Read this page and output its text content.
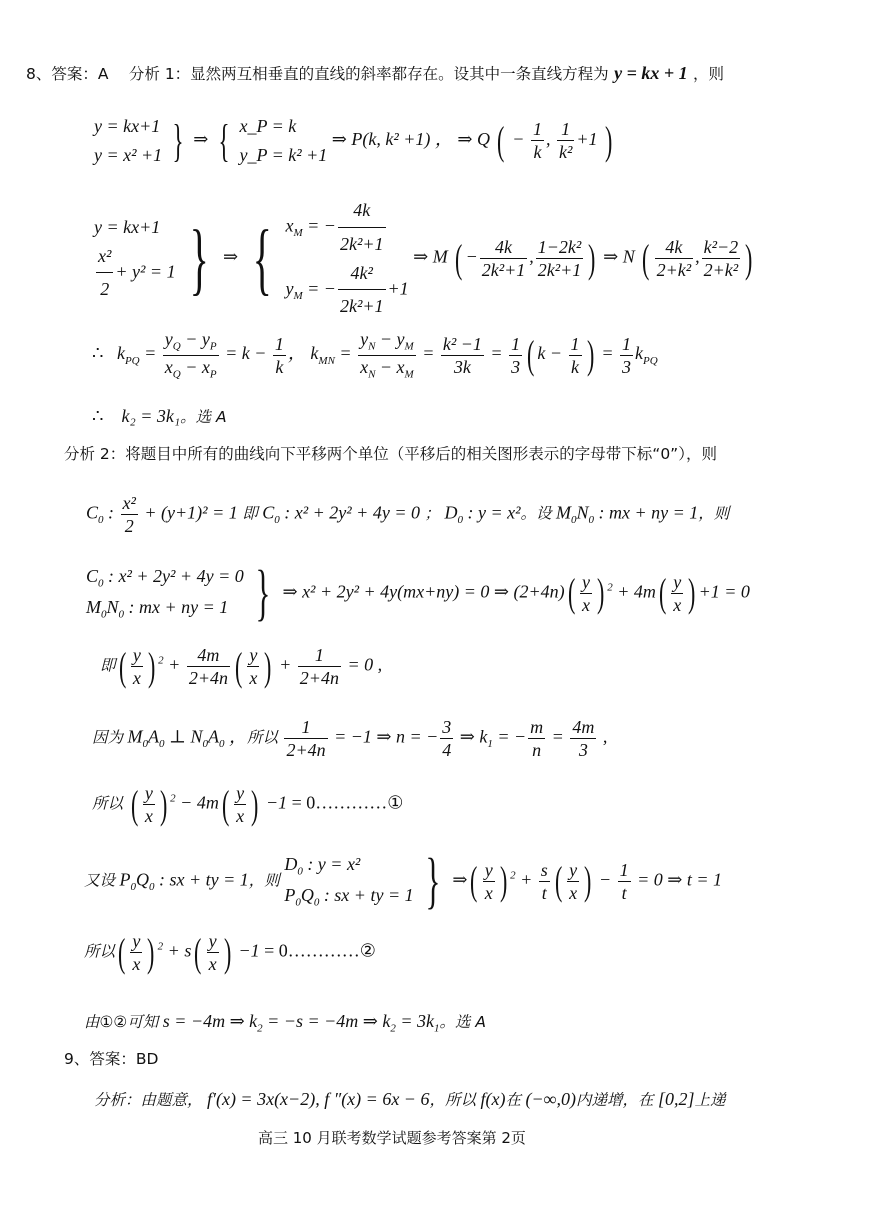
8、答案：A　 分析 1：显然两互相垂直的直线的斜率都存在。设其中一条直线方程为 y = kx + 1 ，则
y = kx+1
y = x² +1 } ⇒ { x_P = k
y_P = k² +1
⇒ P(k, k² +1) ， ⇒ Q ( − $\frac{1}{k}$ , $\frac{1}{\text{k²}} +1$ )
y = kx+1
$\frac{\text{x²}}{2} + y^2 = 1$ } ⇒ { $x_M$ = − $\frac{4k}{\text{2k²+1}}$
$y_M$ = − $\frac{\text{4k²}}{\text{2k²+1}} +1$
⇒ M ( − $\frac{4k}{\text{2k²+1}}$ , $\frac{\text{1−2k²}}{\text{2k²+1}}$ ) ⇒ N ( $\frac{4k}{\text{2+k²}}$ , $\frac{\text{k²−2}}{\text{2+k²}}$ )
∴   $k_{PQ} = \frac{y_Q - y_P}{x_Q - x_P} = k - \frac{1}{k}$ ， $k_{MN} = \frac{y_N - y_M}{x_N - x_M} = \frac{\text{k² −1}}{3k} = \frac{1}{3}$ ( $k - \frac{1}{k}$ ) = $\frac{1}{3} k_{PQ}$
∴ k₂ = 3k₁。选 A
分析 2：将题目中所有的曲线向下平移两个单位（平移后的相关图形表示的字母带下标“0”），则
$C_0$ : $\frac{\text{x²}}{2} + (y+1)^2 = 1$ 即 $C_0$ : x² + 2y² + 4y = 0 ； $D_0$ : y = x²。设 $M_0N_0$ : mx + ny = 1，则
$C_0$ : x² + 2y² + 4y = 0
$M_0N_0$ : mx + ny = 1 } ⇒ x² + 2y² + 4y(mx+ny) = 0 ⇒ $(2+4n)( \frac{y}{x}$ ) $^2 + 4m( \frac{y}{x}$ ) +1 = 0
即( $\frac{y}{x}$ ) $^2 + \frac{4m}{2+4n}$ ( $\frac{y}{x}$ ) + $\frac{1}{2+4n} = 0$ ,
因为 $M_0A_0$ ⊥ $N_0A_0$ ，所以 $\frac{1}{2+4n} = -1$ ⇒ n = − $\frac{3}{4}$ ⇒ $k_1$ = − $\frac{m}{n} = \frac{4m}{3}$ ,
所以 ( $\frac{y}{x}$ ) $^2 - 4m( \frac{y}{x}$ ) −1 = 0…………①
又设 $P_0Q_0$ : sx + ty = 1，则
$D_0$ : y = x²
$P_0Q_0$ : sx + ty = 1 } ⇒( $\frac{y}{x}$ ) $^2 + \frac{s}{t}$ ( $\frac{y}{x}$ ) − $\frac{1}{t} = 0$ ⇒ t = 1
所以( $\frac{y}{x}$ ) $^2 + s( \frac{y}{x}$ ) −1 = 0…………②
由①②可知 s = −4m ⇒ $k_2 = -s = -4m$ ⇒ $k_2 = 3k_1$。选 A
9、答案：BD
分析：由题意， f′(x) = 3x(x−2), f ″(x) = 6x − 6，所以 f(x)在 (−∞,0)内递增，在 [0,2]上递
高三 10 月联考数学试题参考答案第 2页
